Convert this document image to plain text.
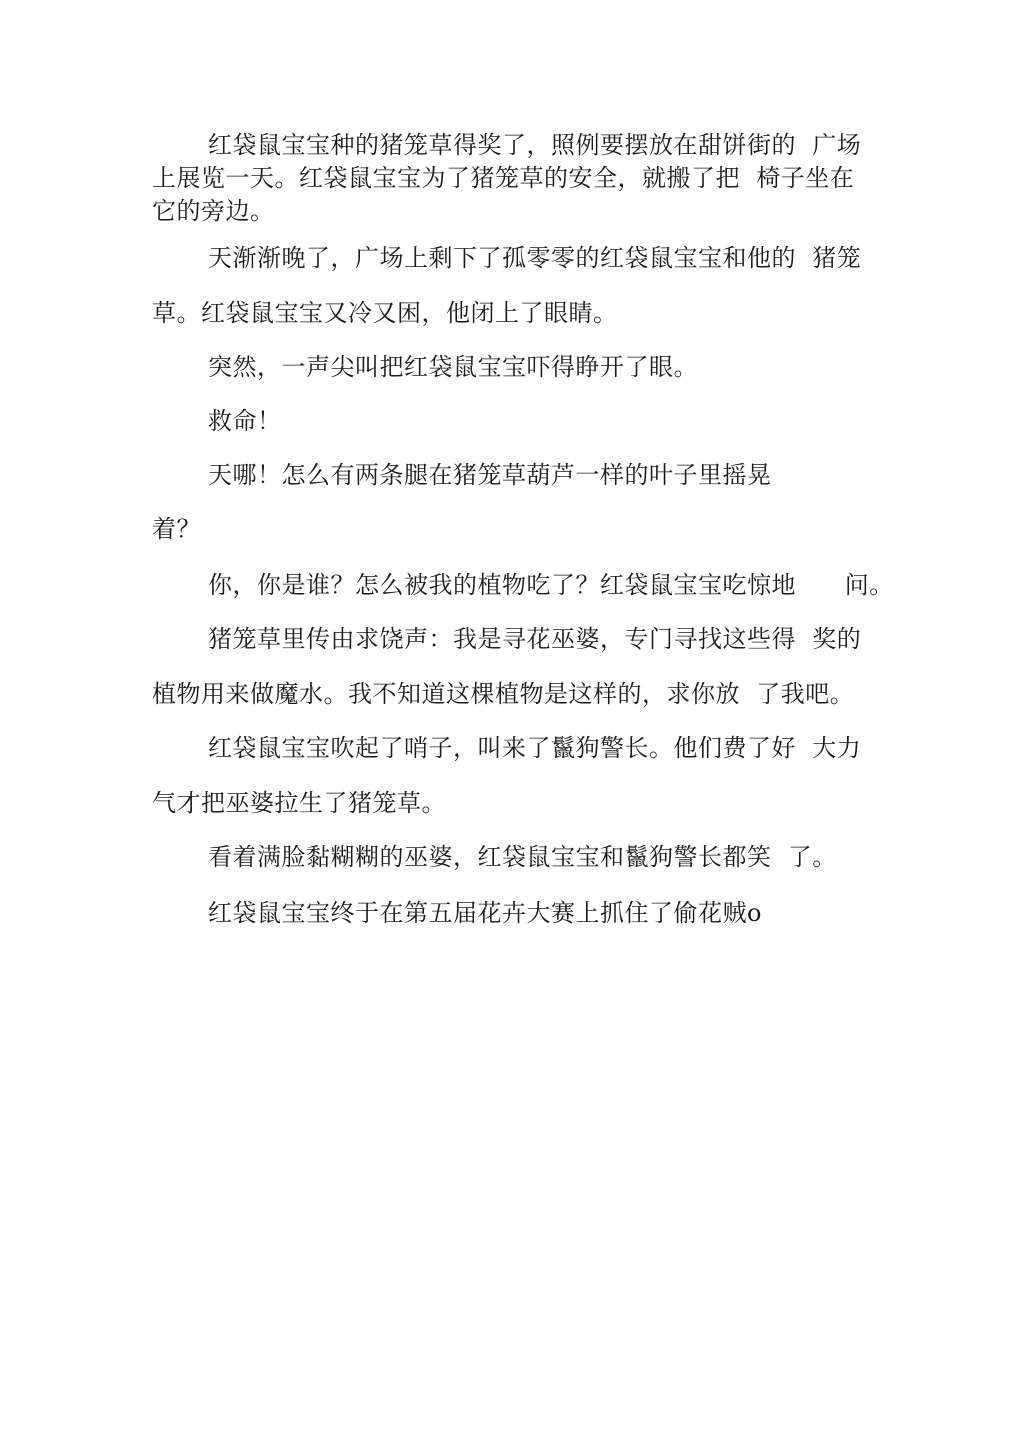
红袋鼠宝宝种的猪笼草得奖了，照例要摆放在甜饼街的  广场
上展览一天。红袋鼠宝宝为了猪笼草的安全，就搬了把  椅子坐在
它的旁边。
天渐渐晚了，广场上剩下了孤零零的红袋鼠宝宝和他的  猪笼
草。红袋鼠宝宝又冷又困，他闭上了眼睛。
突然，一声尖叫把红袋鼠宝宝吓得睁开了眼。
救命！
天哪！怎么有两条腿在猪笼草葫芦一样的叶子里摇晃
着？
你，你是谁？怎么被我的植物吃了？红袋鼠宝宝吃惊地      问。
猪笼草里传由求饶声：我是寻花巫婆，专门寻找这些得  奖的
植物用来做魔水。我不知道这棵植物是这样的，求你放  了我吧。
红袋鼠宝宝吹起了哨子，叫来了鬣狗警长。他们费了好  大力
气才把巫婆拉生了猪笼草。
看着满脸黏糊糊的巫婆，红袋鼠宝宝和鬣狗警长都笑  了。
红袋鼠宝宝终于在第五届花卉大赛上抓住了偷花贼o
